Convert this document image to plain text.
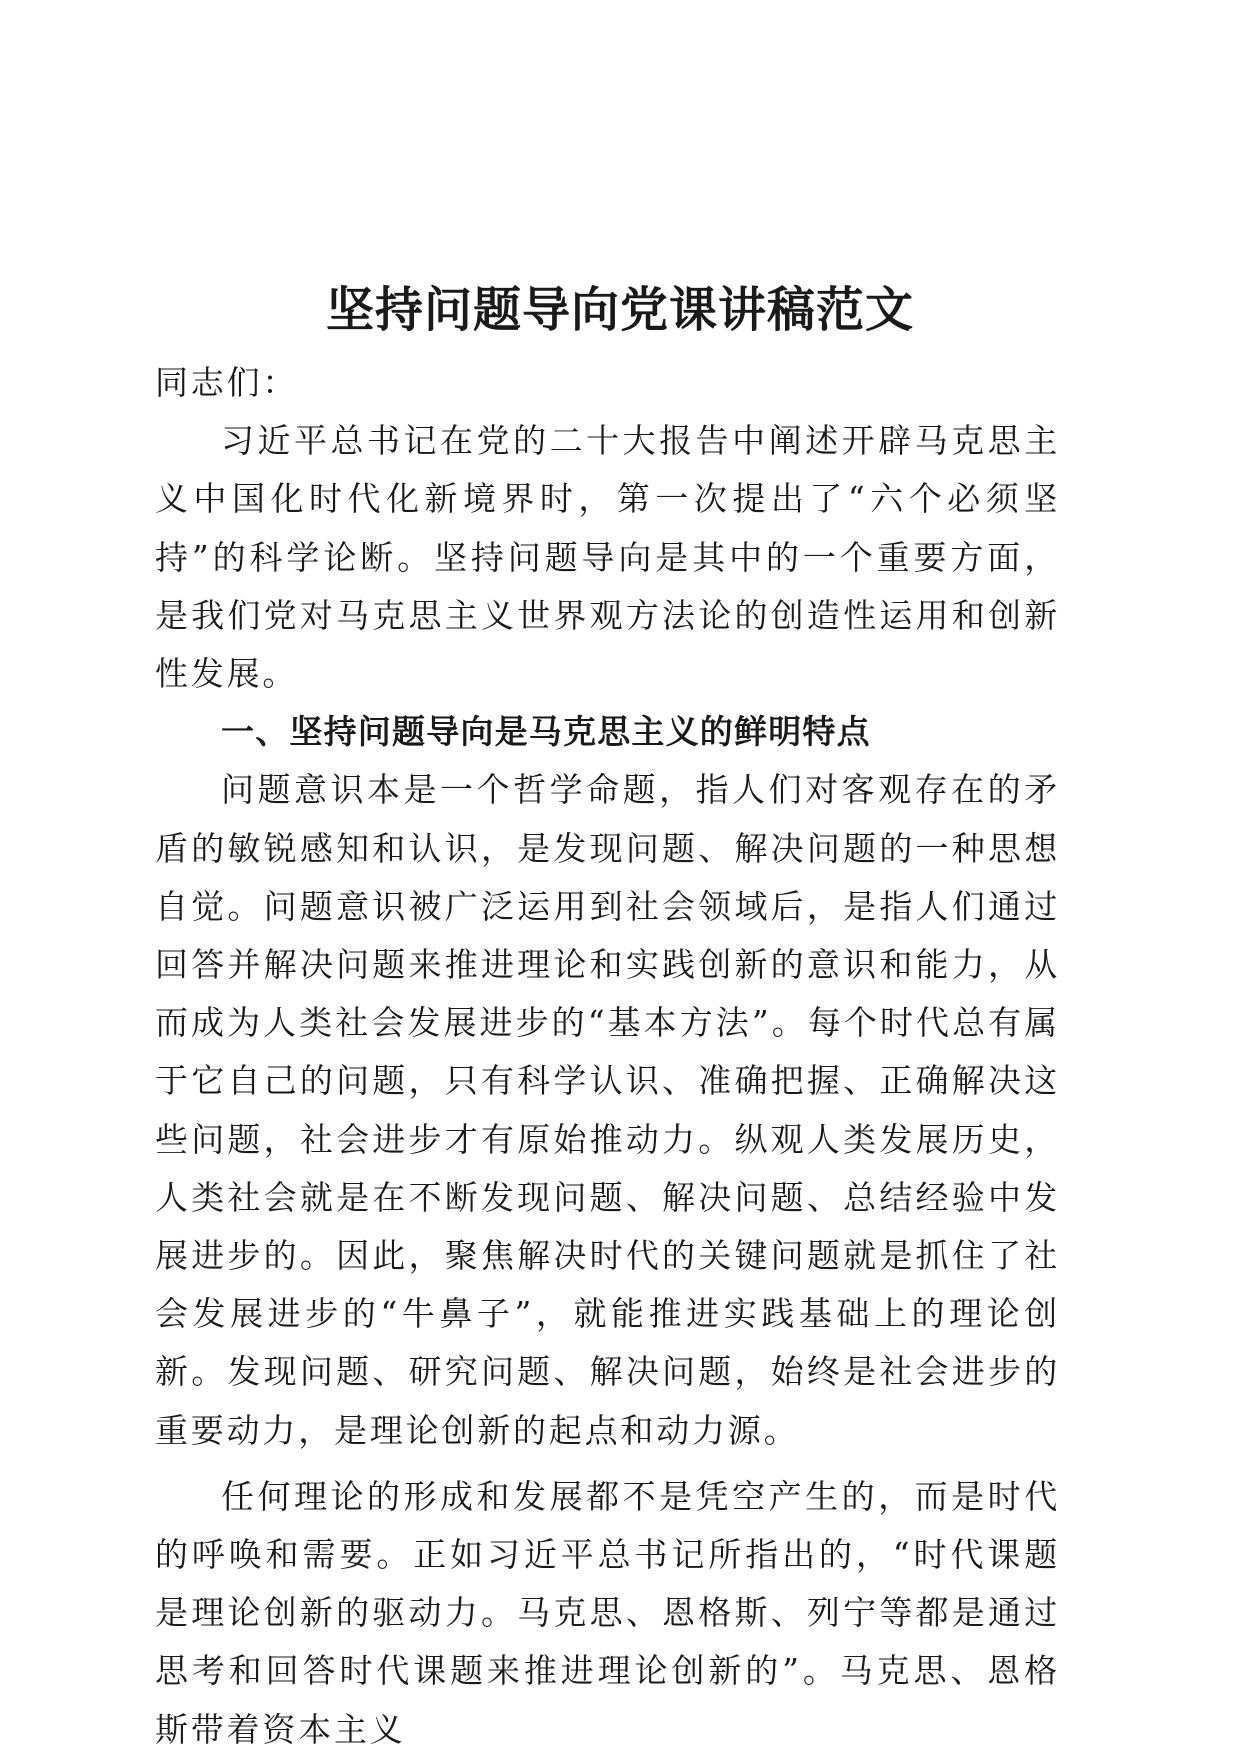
坚持问题导向党课讲稿范文

同志们：

习近平总书记在党的二十大报告中阐述开辟马克思主义中国化时代化新境界时，第一次提出了“六个必须坚持”的科学论断。坚持问题导向是其中的一个重要方面，是我们党对马克思主义世界观方法论的创造性运用和创新性发展。

一、坚持问题导向是马克思主义的鲜明特点

问题意识本是一个哲学命题，指人们对客观存在的矛盾的敏锐感知和认识，是发现问题、解决问题的一种思想自觉。问题意识被广泛运用到社会领域后，是指人们通过回答并解决问题来推进理论和实践创新的意识和能力，从而成为人类社会发展进步的“基本方法”。每个时代总有属于它自己的问题，只有科学认识、准确把握、正确解决这些问题，社会进步才有原始推动力。纵观人类发展历史，人类社会就是在不断发现问题、解决问题、总结经验中发展进步的。因此，聚焦解决时代的关键问题就是抓住了社会发展进步的“牛鼻子”，就能推进实践基础上的理论创新。发现问题、研究问题、解决问题，始终是社会进步的重要动力，是理论创新的起点和动力源。

任何理论的形成和发展都不是凭空产生的，而是时代的呼唤和需要。正如习近平总书记所指出的，“时代课题是理论创新的驱动力。马克思、恩格斯、列宁等都是通过思考和回答时代课题来推进理论创新的”。马克思、恩格斯带着资本主义
